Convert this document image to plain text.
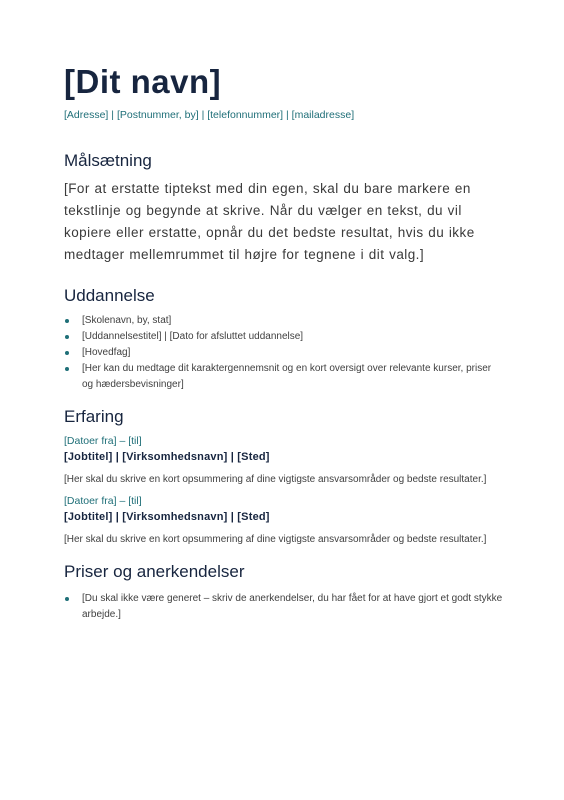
[Dit navn]
[Adresse] | [Postnummer, by] | [telefonnummer] | [mailadresse]
Målsætning
[For at erstatte tiptekst med din egen, skal du bare markere en tekstlinje og begynde at skrive. Når du vælger en tekst, du vil kopiere eller erstatte, opnår du det bedste resultat, hvis du ikke medtager mellemrummet til højre for tegnene i dit valg.]
Uddannelse
[Skolenavn, by, stat]
[Uddannelsestitel] | [Dato for afsluttet uddannelse]
[Hovedfag]
[Her kan du medtage dit karaktergennemsnit og en kort oversigt over relevante kurser, priser og hædersbevisninger]
Erfaring
[Datoer fra] – [til]
[Jobtitel] | [Virksomhedsnavn] | [Sted]
[Her skal du skrive en kort opsummering af dine vigtigste ansvarsområder og bedste resultater.]
[Datoer fra] – [til]
[Jobtitel] | [Virksomhedsnavn] | [Sted]
[Her skal du skrive en kort opsummering af dine vigtigste ansvarsområder og bedste resultater.]
Priser og anerkendelser
[Du skal ikke være generet – skriv de anerkendelser, du har fået for at have gjort et godt stykke arbejde.]
